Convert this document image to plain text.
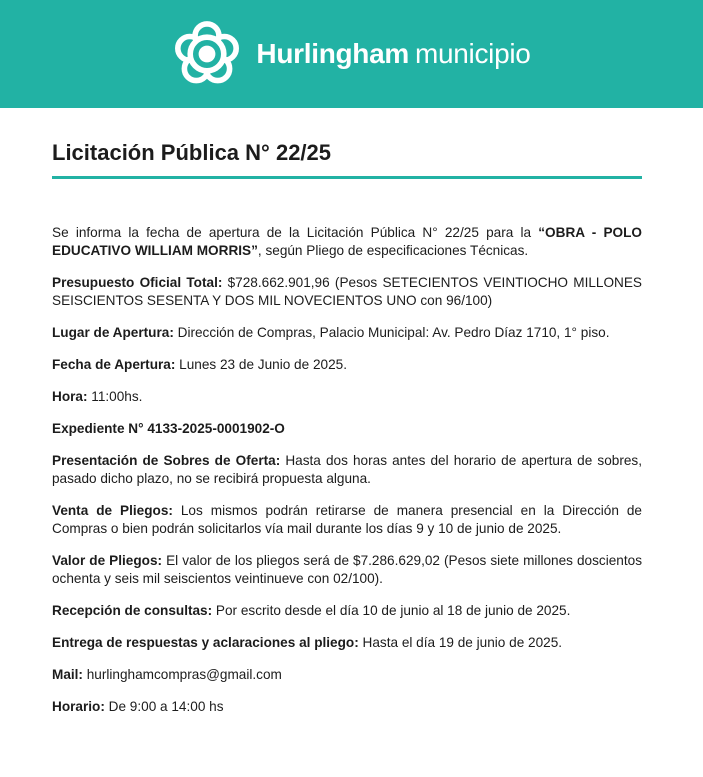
Hurlingham municipio
Licitación Pública N° 22/25

Se informa la fecha de apertura de la Licitación Pública N° 22/25 para la “OBRA - POLO EDUCATIVO WILLIAM MORRIS”, según Pliego de especificaciones Técnicas.

Presupuesto Oficial Total: $728.662.901,96 (Pesos SETECIENTOS VEINTIOCHO MILLONES SEISCIENTOS SESENTA Y DOS MIL NOVECIENTOS UNO con 96/100)

Lugar de Apertura: Dirección de Compras, Palacio Municipal: Av. Pedro Díaz 1710, 1° piso.

Fecha de Apertura: Lunes 23 de Junio de 2025.

Hora: 11:00hs.

Expediente N° 4133-2025-0001902-O

Presentación de Sobres de Oferta: Hasta dos horas antes del horario de apertura de sobres, pasado dicho plazo, no se recibirá propuesta alguna.

Venta de Pliegos: Los mismos podrán retirarse de manera presencial en la Dirección de Compras o bien podrán solicitarlos vía mail durante los días 9 y 10 de junio de 2025.

Valor de Pliegos: El valor de los pliegos será de $7.286.629,02 (Pesos siete millones doscientos ochenta y seis mil seiscientos veintinueve con 02/100).

Recepción de consultas: Por escrito desde el día 10 de junio al 18 de junio de 2025.

Entrega de respuestas y aclaraciones al pliego: Hasta el día 19 de junio de 2025.

Mail: hurlinghamcompras@gmail.com

Horario: De 9:00 a 14:00 hs
